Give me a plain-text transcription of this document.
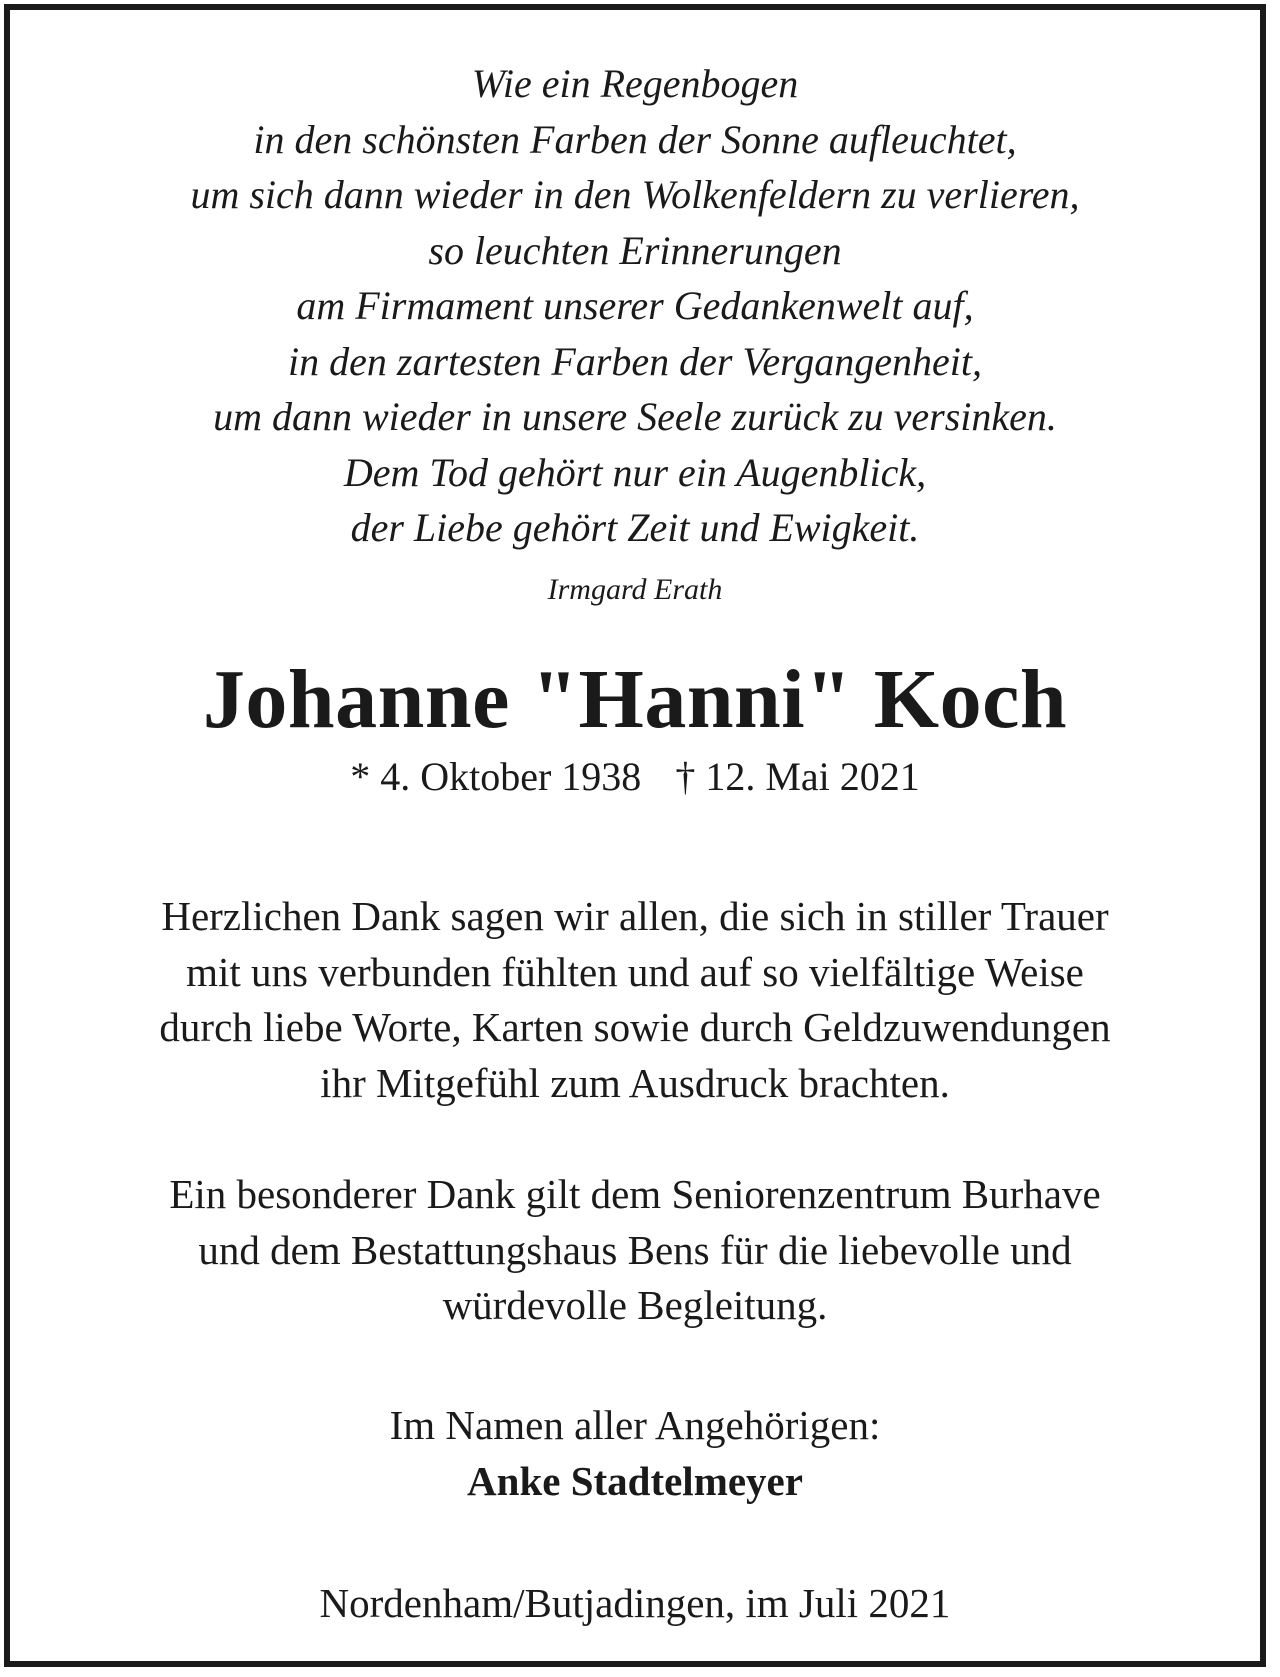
Wie ein Regenbogen
in den schönsten Farben der Sonne aufleuchtet,
um sich dann wieder in den Wolkenfeldern zu verlieren,
so leuchten Erinnerungen
am Firmament unserer Gedankenwelt auf,
in den zartesten Farben der Vergangenheit,
um dann wieder in unsere Seele zurück zu versinken.
Dem Tod gehört nur ein Augenblick,
der Liebe gehört Zeit und Ewigkeit.
Irmgard Erath
Johanne "Hanni" Koch
* 4. Oktober 1938 † 12. Mai 2021
Herzlichen Dank sagen wir allen, die sich in stiller Trauer
mit uns verbunden fühlten und auf so vielfältige Weise
durch liebe Worte, Karten sowie durch Geldzuwendungen
ihr Mitgefühl zum Ausdruck brachten.
Ein besonderer Dank gilt dem Seniorenzentrum Burhave
und dem Bestattungshaus Bens für die liebevolle und
würdevolle Begleitung.
Im Namen aller Angehörigen:
Anke Stadtelmeyer
Nordenham/Butjadingen, im Juli 2021
